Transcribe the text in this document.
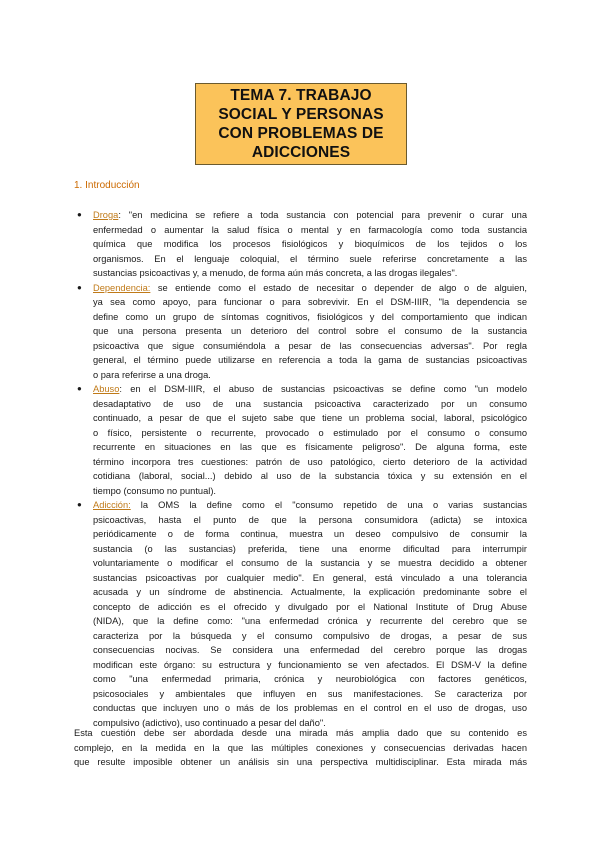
TEMA 7. TRABAJO
SOCIAL Y PERSONAS
CON PROBLEMAS DE
ADICCIONES
1. Introducción
● Droga: "en medicina se refiere a toda sustancia con potencial para prevenir o curar una
enfermedad o aumentar la salud física o mental y en farmacología como toda sustancia
química que modifica los procesos fisiológicos y bioquímicos de los tejidos o los
organismos. En el lenguaje coloquial, el término suele referirse concretamente a las
sustancias psicoactivas y, a menudo, de forma aún más concreta, a las drogas ilegales".
● Dependencia: se entiende como el estado de necesitar o depender de algo o de alguien,
ya sea como apoyo, para funcionar o para sobrevivir. En el DSM-IIIR, "la dependencia se
define como un grupo de síntomas cognitivos, fisiológicos y del comportamiento que indican
que una persona presenta un deterioro del control sobre el consumo de la sustancia
psicoactiva que sigue consumiéndola a pesar de las consecuencias adversas". Por regla
general, el término puede utilizarse en referencia a toda la gama de sustancias psicoactivas
o para referirse a una droga.
● Abuso: en el DSM-IIIR, el abuso de sustancias psicoactivas se define como "un modelo
desadaptativo de uso de una sustancia psicoactiva caracterizado por un consumo
continuado, a pesar de que el sujeto sabe que tiene un problema social, laboral, psicológico
o físico, persistente o recurrente, provocado o estimulado por el consumo o consumo
recurrente en situaciones en las que es físicamente peligroso". De alguna forma, este
término incorpora tres cuestiones: patrón de uso patológico, cierto deterioro de la actividad
cotidiana (laboral, social...) debido al uso de la substancia tóxica y su extensión en el
tiempo (consumo no puntual).
● Adicción: la OMS la define como el "consumo repetido de una o varias sustancias
psicoactivas, hasta el punto de que la persona consumidora (adicta) se intoxica
periódicamente o de forma continua, muestra un deseo compulsivo de consumir la
sustancia (o las sustancias) preferida, tiene una enorme dificultad para interrumpir
voluntariamente o modificar el consumo de la sustancia y se muestra decidido a obtener
sustancias psicoactivas por cualquier medio". En general, está vinculado a una tolerancia
acusada y un síndrome de abstinencia. Actualmente, la explicación predominante sobre el
concepto de adicción es el ofrecido y divulgado por el National Institute of Drug Abuse
(NIDA), que la define como: "una enfermedad crónica y recurrente del cerebro que se
caracteriza por la búsqueda y el consumo compulsivo de drogas, a pesar de sus
consecuencias nocivas. Se considera una enfermedad del cerebro porque las drogas
modifican este órgano: su estructura y funcionamiento se ven afectados. El DSM-V la define
como "una enfermedad primaria, crónica y neurobiológica con factores genéticos,
psicosociales y ambientales que influyen en sus manifestaciones. Se caracteriza por
conductas que incluyen uno o más de los problemas en el control en el uso de drogas, uso
compulsivo (adictivo), uso continuado a pesar del daño".
Esta cuestión debe ser abordada desde una mirada más amplia dado que su contenido es
complejo, en la medida en la que las múltiples conexiones y consecuencias derivadas hacen
que resulte imposible obtener un análisis sin una perspectiva multidisciplinar. Esta mirada más
